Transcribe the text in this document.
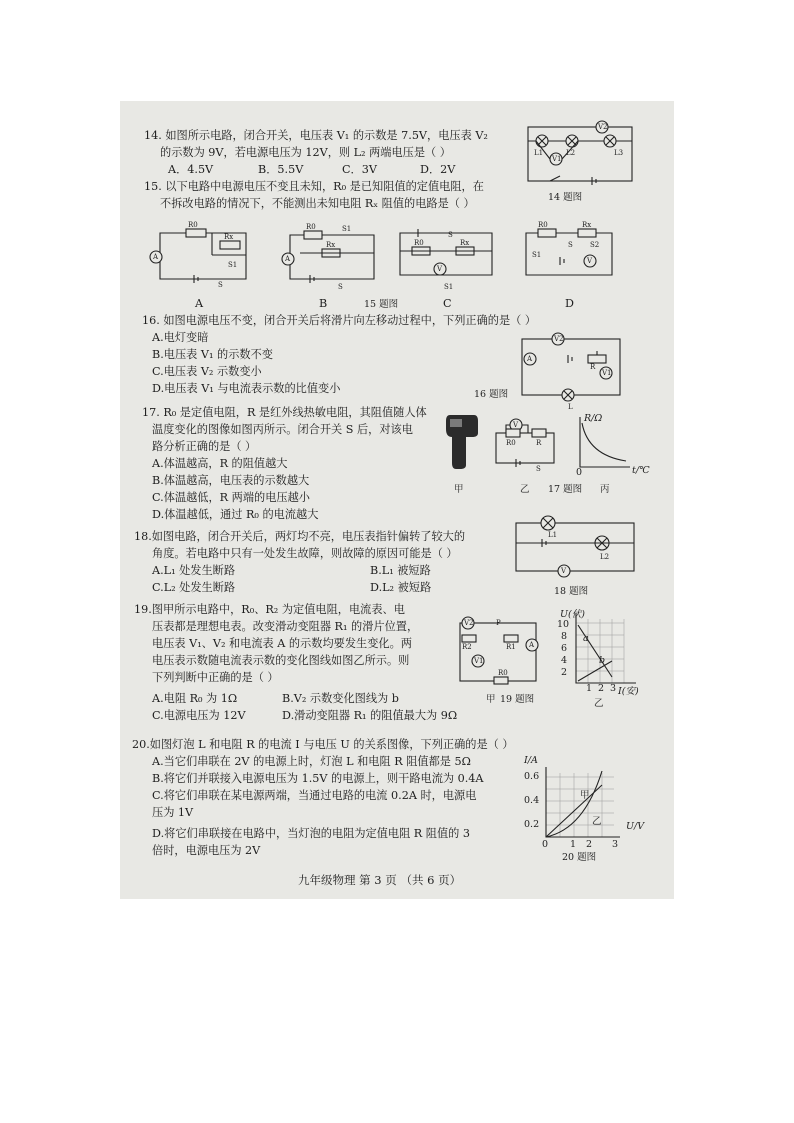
14. 如图所示电路，闭合开关，电压表 V₁ 的示数是 7.5V，电压表 V₂
的示数为 9V，若电源电压为 12V，则 L₂ 两端电压是（ ）
A．4.5V	B．5.5V	C．3V	D．2V
V2
V1
L1	L2	L3
14 题图
15. 以下电路中电源电压不变且未知，R₀ 是已知阻值的定值电阻，在
不拆改电路的情况下，不能测出未知电阻 Rₓ 阻值的电路是（ ）
R0
Rx
A
S1
S
A
R0	S1
Rx
A
S
B	15 题图
S
R0	Rx
V
S1
C
R0	Rx
S S2
S1
V
D
16. 如图电源电压不变，闭合开关后将滑片向左移动过程中，下列正确的是（ ）
A.电灯变暗
B.电压表 V₁ 的示数不变
C.电压表 V₂ 示数变小
D.电压表 V₁ 与电流表示数的比值变小
V2
A
R
V1
L
16 题图
17. R₀ 是定值电阻，R 是红外线热敏电阻，其阻值随人体
温度变化的图像如图丙所示。闭合开关 S 后，对该电
路分析正确的是（ ）
A.体温越高，R 的阻值越大
B.体温越高，电压表的示数越大
C.体温越低，R 两端的电压越小
D.体温越低，通过 R₀ 的电流越大
甲
V
R0	R
S
乙 17 题图
R/Ω
t/℃
0
丙
18.如图电路，闭合开关后，两灯均不亮，电压表指针偏转了较大的
角度。若电路中只有一处发生故障，则故障的原因可能是（ ）
A.L₁ 处发生断路	B.L₁ 被短路
C.L₂ 处发生断路	D.L₂ 被短路
L1
L2
V
18 题图
19.图甲所示电路中，R₀、R₂ 为定值电阻，电流表、电
压表都是理想电表。改变滑动变阻器 R₁ 的滑片位置，
电压表 V₁、V₂ 和电流表 A 的示数均要发生变化。两
电压表示数随电流表示数的变化图线如图乙所示。则
下列判断中正确的是（ ）
A.电阻 R₀ 为 1Ω	B.V₂ 示数变化图线为 b
C.电源电压为 12V	D.滑动变阻器 R₁ 的阻值最大为 9Ω
V2	P
R2	R1 A
V1
R0
甲 19 题图
U(伏)
10
8
6
4
2
1 2 3 I(安)
a
b
乙
20.如图灯泡 L 和电阻 R 的电流 I 与电压 U 的关系图像，下列正确的是（ ）
A.当它们串联在 2V 的电源上时，灯泡 L 和电阻 R 阻值都是 5Ω
B.将它们并联接入电源电压为 1.5V 的电源上，则干路电流为 0.4A
C.将它们串联在某电源两端，当通过电路的电流 0.2A 时，电源电
压为 1V
D.将它们串联接在电路中，当灯泡的电阻为定值电阻 R 阻值的 3
倍时，电源电压为 2V
I/A
0.6
0.4
0.2
0 1 2 3
U/V
甲
乙
20 题图
九年级物理 第 3 页 （共 6 页）
